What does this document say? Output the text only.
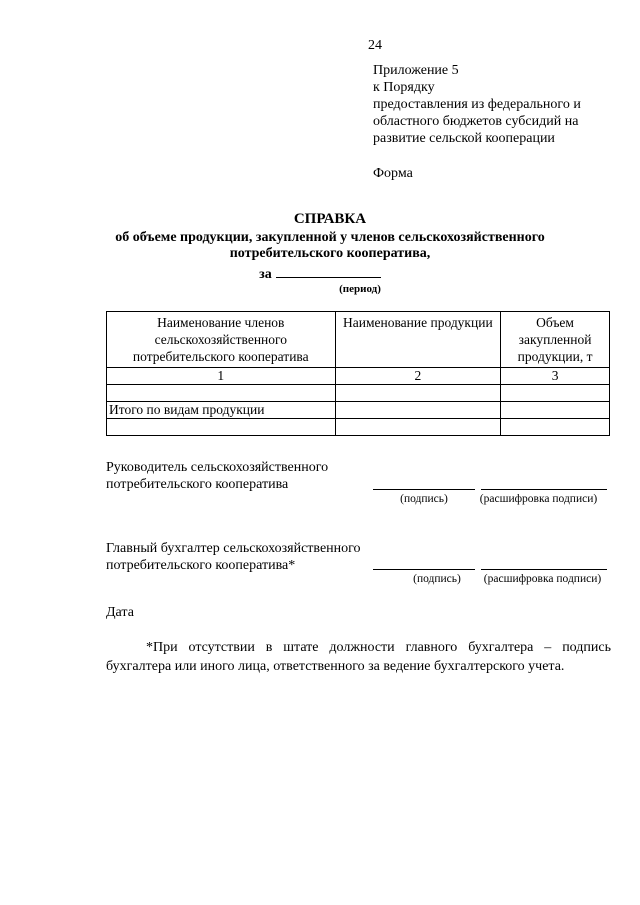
24
Приложение 5
к Порядку
предоставления из федерального и
областного бюджетов субсидий на
развитие сельской кооперации
Форма
СПРАВКА
об объеме продукции, закупленной у членов сельскохозяйственного
потребительского кооператива,
за
(период)
Наименование членов сельскохозяйственного потребительского кооператива	Наименование продукции	Объем закупленной продукции, т
1	2	3

Итого по видам продукции		

Руководитель сельскохозяйственного
потребительского кооператива
(подпись)	(расшифровка подписи)
Главный бухгалтер сельскохозяйственного
потребительского кооператива*
(подпись)	(расшифровка подписи)
Дата
*При отсутствии в штате должности главного бухгалтера – подпись бухгалтера или иного лица, ответственного за ведение бухгалтерского учета.
